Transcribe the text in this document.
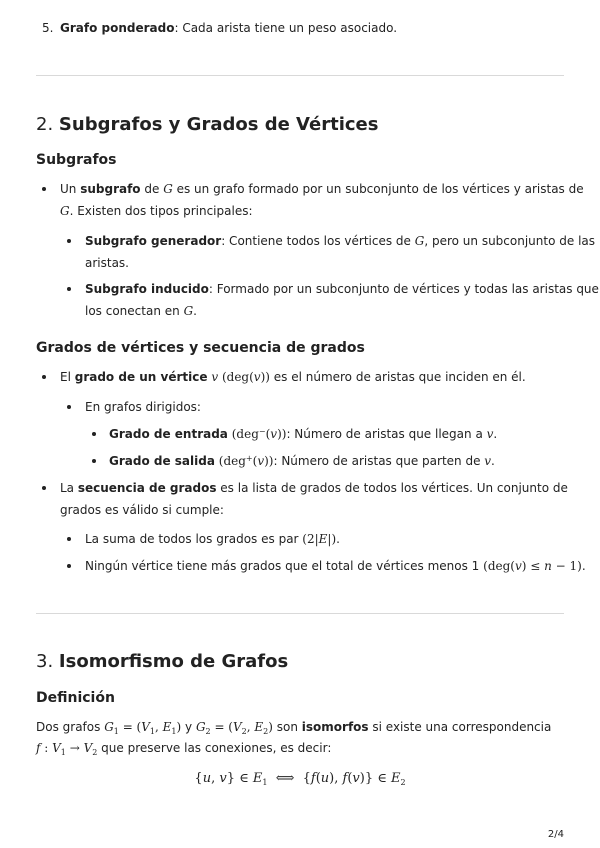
5. Grafo ponderado: Cada arista tiene un peso asociado.
2. Subgrafos y Grados de Vértices
Subgrafos
Un subgrafo de G es un grafo formado por un subconjunto de los vértices y aristas de
G. Existen dos tipos principales:
Subgrafo generador: Contiene todos los vértices de G, pero un subconjunto de las
aristas.
Subgrafo inducido: Formado por un subconjunto de vértices y todas las aristas que
los conectan en G.
Grados de vértices y secuencia de grados
El grado de un vértice v (deg(v)) es el número de aristas que inciden en él.
En grafos dirigidos:
Grado de entrada (deg−(v)): Número de aristas que llegan a v.
Grado de salida (deg+(v)): Número de aristas que parten de v.
La secuencia de grados es la lista de grados de todos los vértices. Un conjunto de
grados es válido si cumple:
La suma de todos los grados es par (2|E|).
Ningún vértice tiene más grados que el total de vértices menos 1 (deg(v) ≤ n − 1).
3. Isomorfismo de Grafos
Definición
Dos grafos $G_1 = (V_1$, $E_1$) y $G_2 = (V_2$, $E_2$) son isomorfos si existe una correspondencia
f : $V_1 \to V_2$ que preserve las conexiones, es decir:
{u, v} ∈ $E_1$  ⟺  {f(u), f(v)} ∈ $E_2$
2/4
